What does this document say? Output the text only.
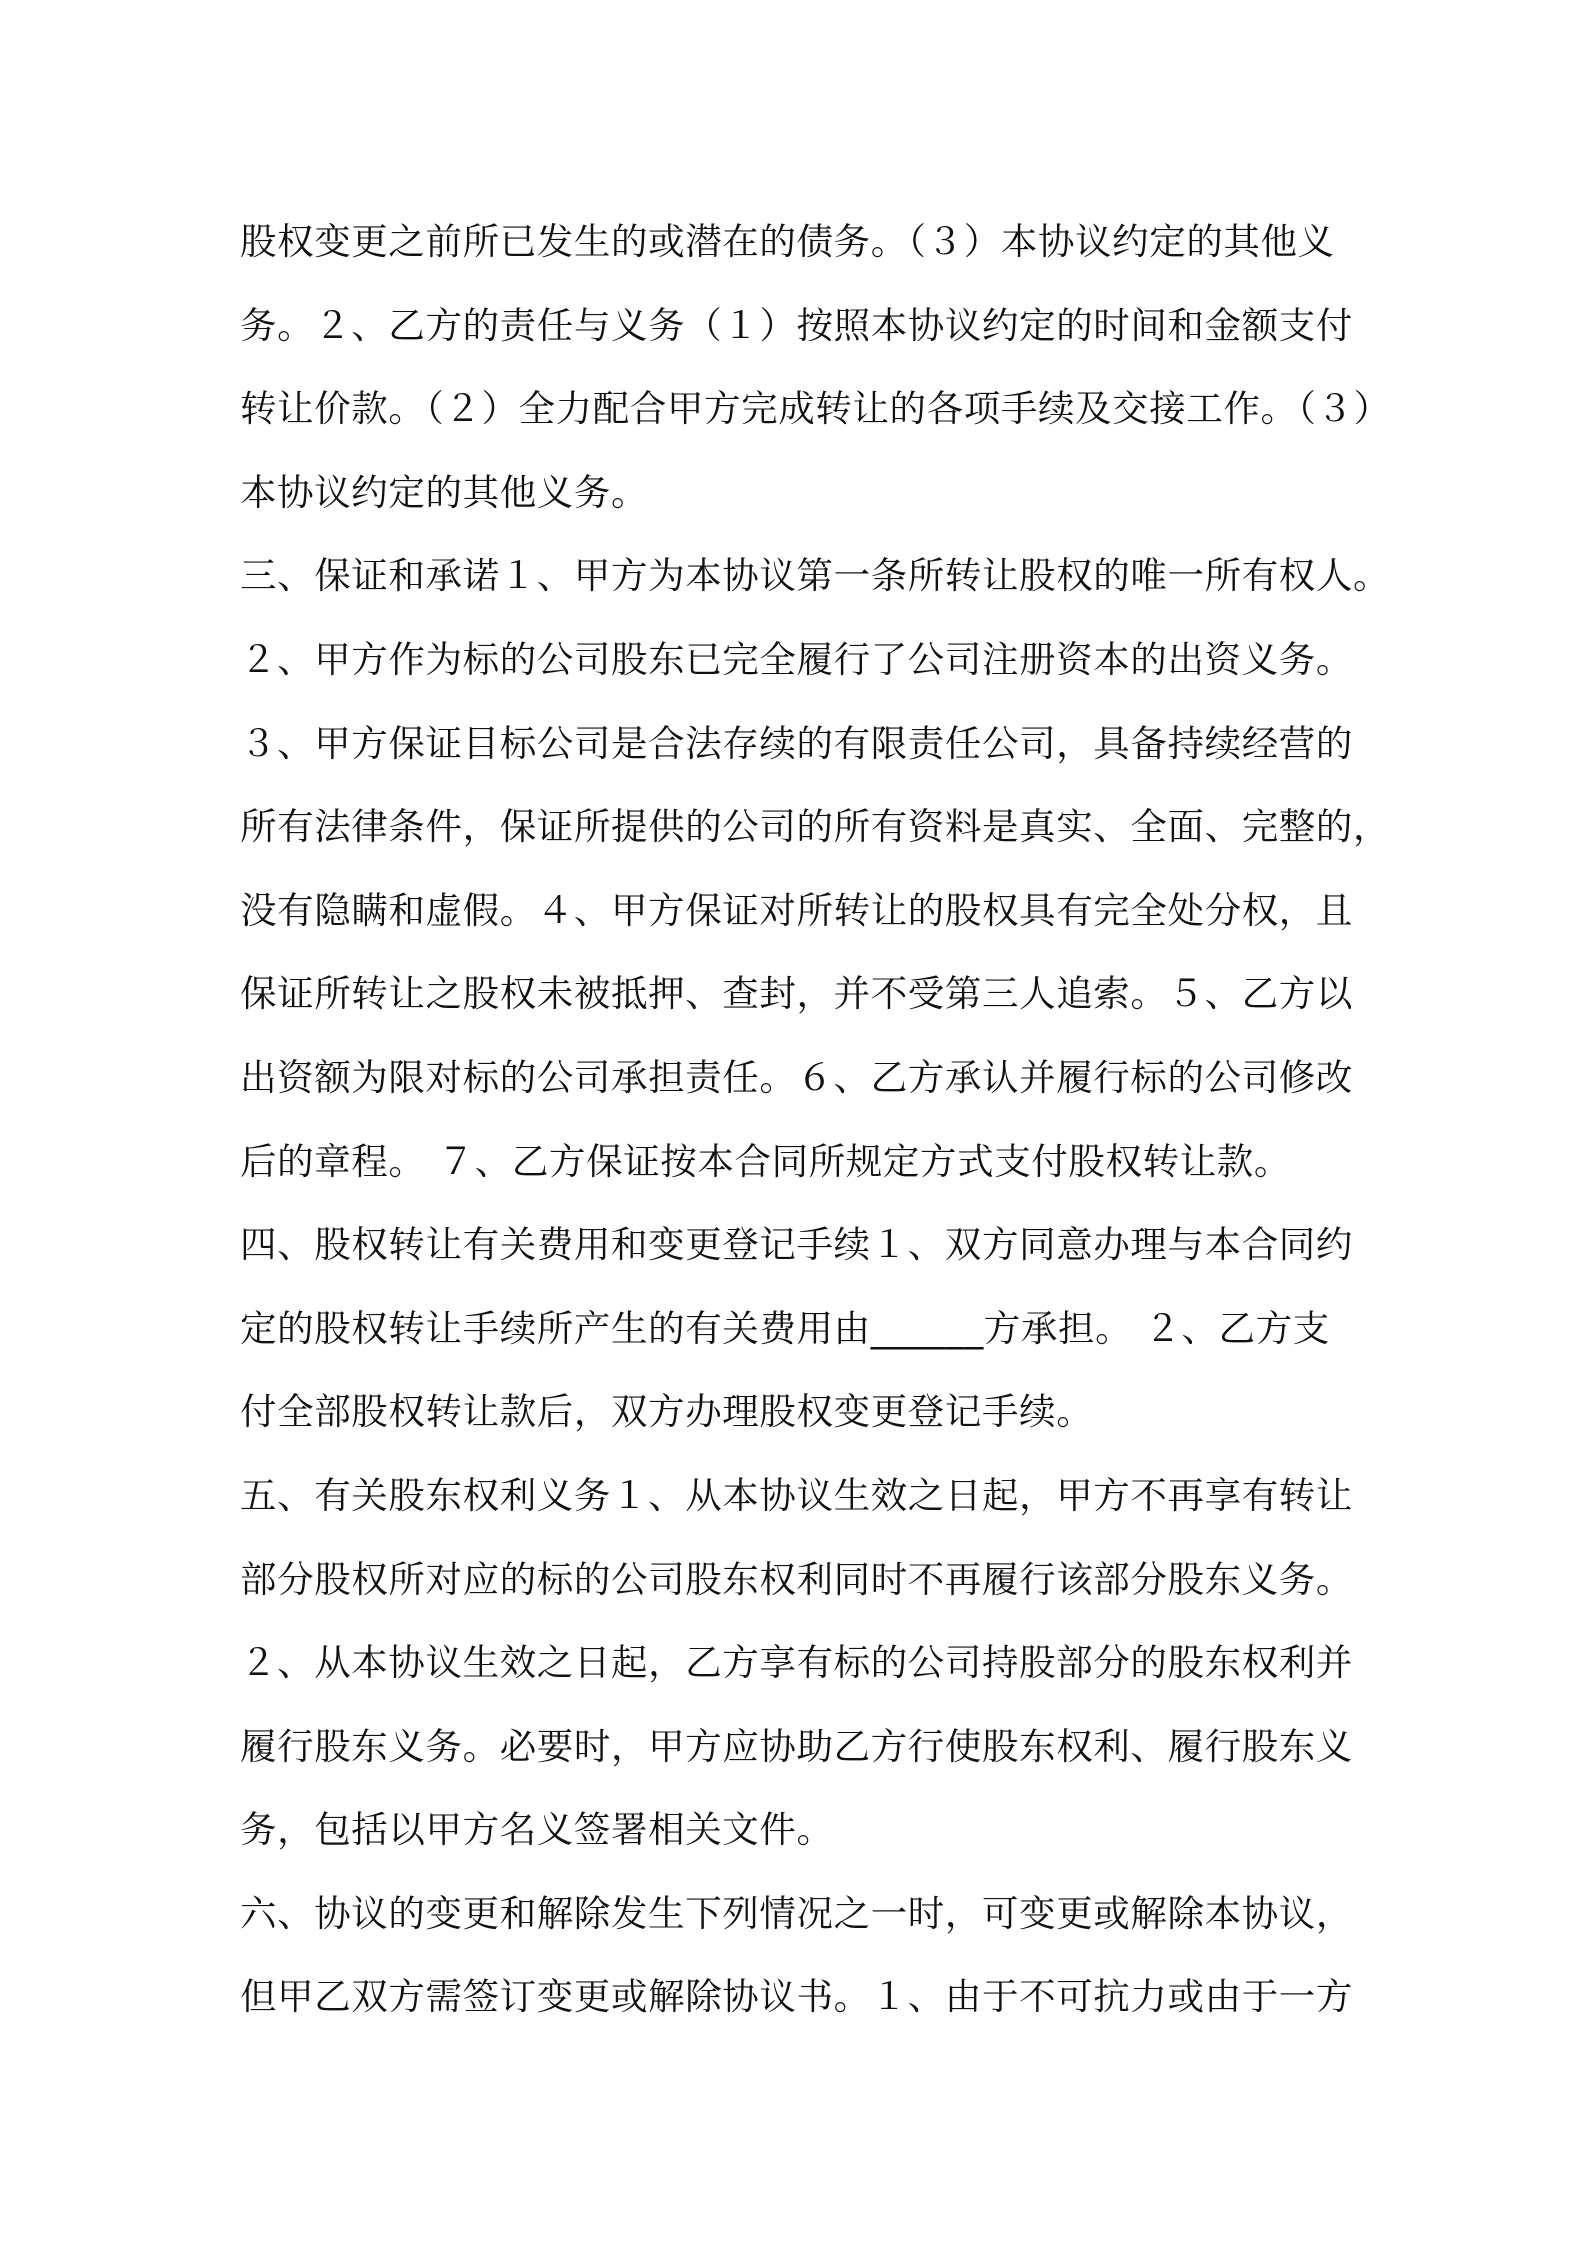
股权变更之前所已发生的或潜在的债务。（３）本协议约定的其他义
务。２、乙方的责任与义务（１）按照本协议约定的时间和金额支付
转让价款。（２）全力配合甲方完成转让的各项手续及交接工作。（３）
本协议约定的其他义务。
三、保证和承诺１、甲方为本协议第一条所转让股权的唯一所有权人。
２、甲方作为标的公司股东已完全履行了公司注册资本的出资义务。
３、甲方保证目标公司是合法存续的有限责任公司，具备持续经营的
所有法律条件，保证所提供的公司的所有资料是真实、全面、完整的，
没有隐瞒和虚假。４、甲方保证对所转让的股权具有完全处分权，且
保证所转让之股权未被抵押、查封，并不受第三人追索。５、乙方以
出资额为限对标的公司承担责任。６、乙方承认并履行标的公司修改
后的章程。 ７、乙方保证按本合同所规定方式支付股权转让款。
四、股权转让有关费用和变更登记手续１、双方同意办理与本合同约
定的股权转让手续所产生的有关费用由______方承担。 ２、乙方支
付全部股权转让款后，双方办理股权变更登记手续。
五、有关股东权利义务１、从本协议生效之日起，甲方不再享有转让
部分股权所对应的标的公司股东权利同时不再履行该部分股东义务。
２、从本协议生效之日起，乙方享有标的公司持股部分的股东权利并
履行股东义务。必要时，甲方应协助乙方行使股东权利、履行股东义
务，包括以甲方名义签署相关文件。
六、协议的变更和解除发生下列情况之一时，可变更或解除本协议，
但甲乙双方需签订变更或解除协议书。１、由于不可抗力或由于一方
